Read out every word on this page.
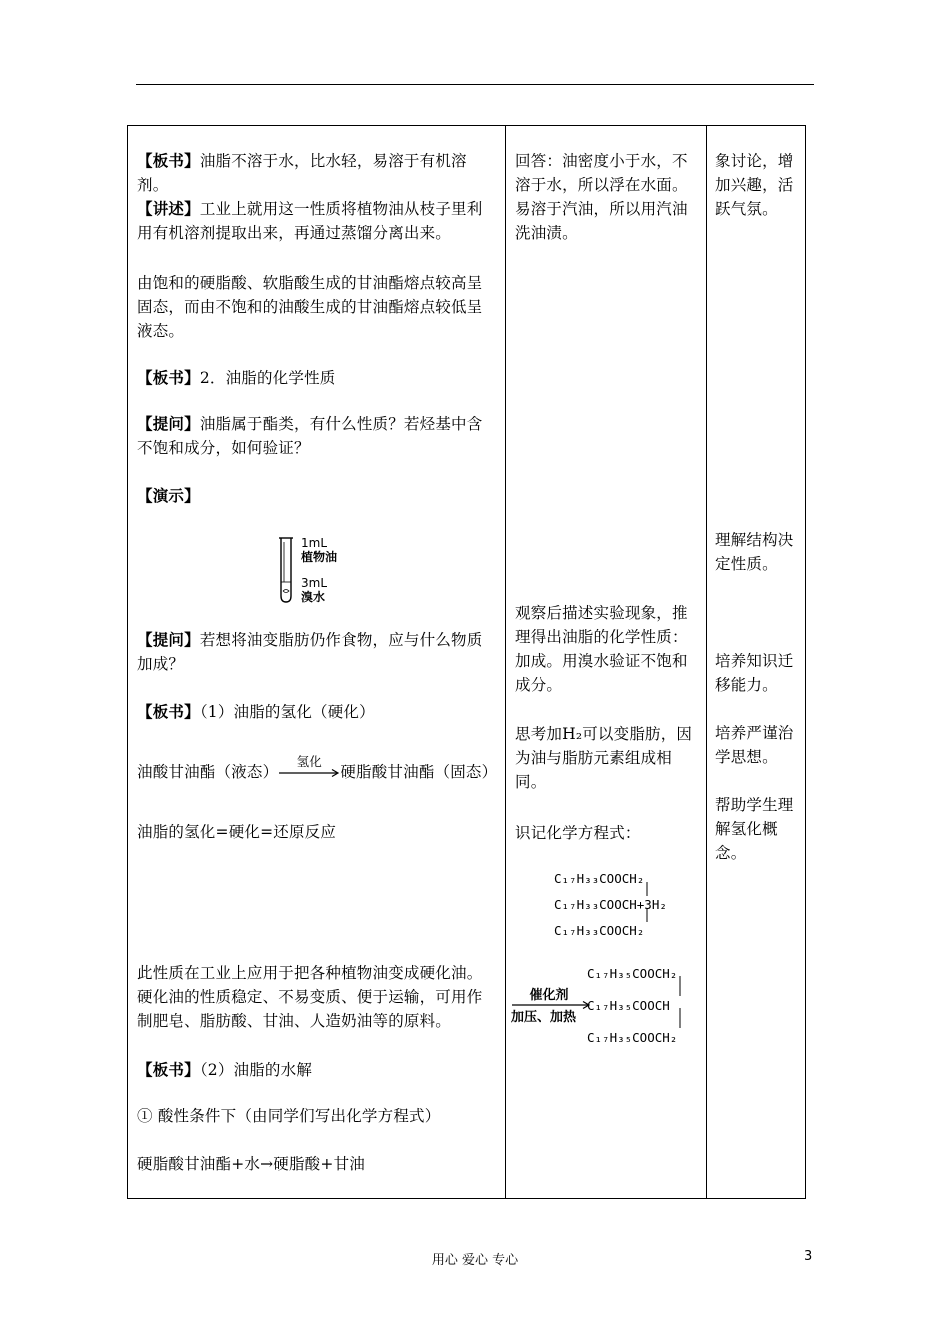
【板书】油脂不溶于水，比水轻，易溶于有机溶剂。
【讲述】工业上就用这一性质将植物油从枝子里利用有机溶剂提取出来，再通过蒸馏分离出来。
由饱和的硬脂酸、软脂酸生成的甘油酯熔点较高呈固态，而由不饱和的油酸生成的甘油酯熔点较低呈液态。
【板书】2．油脂的化学性质
【提问】油脂属于酯类，有什么性质？若烃基中含不饱和成分，如何验证？
【演示】
1mL
植物油
3mL
溴水
【提问】若想将油变脂肪仍作食物，应与什么物质加成？
【板书】（1）油脂的氢化（硬化）
油酸甘油酯（液态）
氢化
硬脂酸甘油酯（固态）
油脂的氢化=硬化=还原反应
此性质在工业上应用于把各种植物油变成硬化油。硬化油的性质稳定、不易变质、便于运输，可用作制肥皂、脂肪酸、甘油、人造奶油等的原料。
【板书】（2）油脂的水解
① 酸性条件下（由同学们写出化学方程式）
硬脂酸甘油酯+水→硬脂酸+甘油
回答：油密度小于水，不溶于水，所以浮在水面。易溶于汽油，所以用汽油洗油渍。
观察后描述实验现象，推理得出油脂的化学性质：加成。用溴水验证不饱和成分。
思考加H₂可以变脂肪，因为油与脂肪元素组成相同。
识记化学方程式：
C₁₇H₃₃COOCH₂
C₁₇H₃₃COOCH+3H₂
C₁₇H₃₃COOCH₂
催化剂
加压、加热
C₁₇H₃₅COOCH₂
C₁₇H₃₅COOCH
C₁₇H₃₅COOCH₂
象讨论，增加兴趣，活跃气氛。
理解结构决定性质。
培养知识迁移能力。
培养严谨治学思想。
帮助学生理解氢化概念。
用心 爱心 专心	3
